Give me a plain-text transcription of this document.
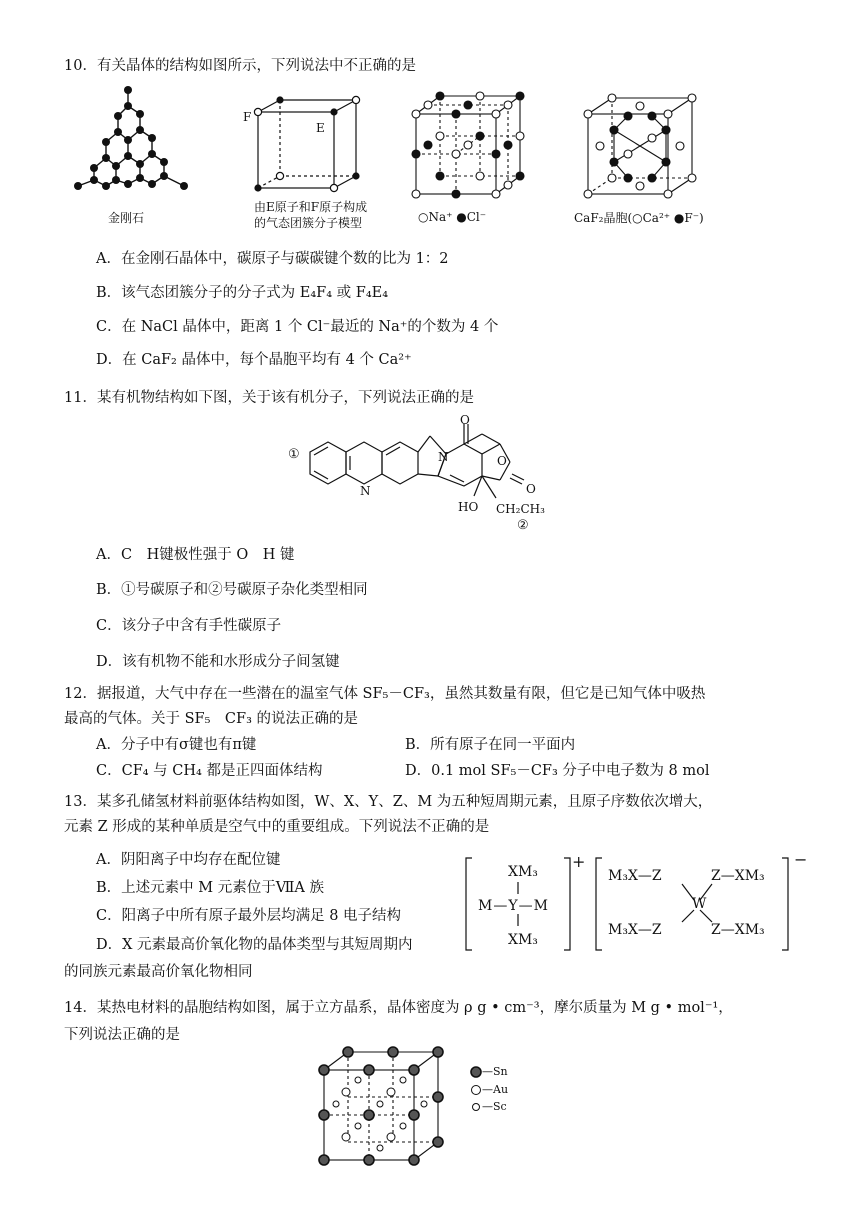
10．有关晶体的结构如图所示，下列说法中不正确的是
金刚石
F
E
由E原子和F原子构成
的气态团簇分子模型	○Na⁺ ●Cl⁻	CaF₂晶胞(○Ca²⁺ ●F⁻)
A．在金刚石晶体中，碳原子与碳碳键个数的比为 1：2
B．该气态团簇分子的分子式为 E₄F₄ 或 F₄E₄
C．在 NaCl 晶体中，距离 1 个 Cl⁻最近的 Na⁺的个数为 4 个
D．在 CaF₂ 晶体中，每个晶胞平均有 4 个 Ca²⁺
11．某有机物结构如下图，关于该有机分子，下列说法正确的是
①
N
N
O
O
O
HO CH₂CH₃
②
A．C　H键极性强于 O　H 键
B．①号碳原子和②号碳原子杂化类型相同
C．该分子中含有手性碳原子
D．该有机物不能和水形成分子间氢键
12．据报道，大气中存在一些潜在的温室气体 SF₅－CF₃，虽然其数量有限，但它是已知气体中吸热
最高的气体。关于 SF₅　CF₃ 的说法正确的是
A．分子中有σ键也有π键	B．所有原子在同一平面内
C．CF₄ 与 CH₄ 都是正四面体结构	D．0.1 mol SF₅－CF₃ 分子中电子数为 8 mol
13．某多孔储氢材料前驱体结构如图，W、X、Y、Z、M 为五种短周期元素，且原子序数依次增大，
元素 Z 形成的某种单质是空气中的重要组成。下列说法不正确的是
A．阴阳离子中均存在配位键
B．上述元素中 M 元素位于ⅦA 族
C．阳离子中所有原子最外层均满足 8 电子结构
D．X 元素最高价氧化物的晶体类型与其短周期内
的同族元素最高价氧化物相同
XM₃
M—Y—M
XM₃
+
M₃X—Z	Z—XM₃
W
M₃X—Z	Z—XM₃
−
14．某热电材料的晶胞结构如图，属于立方晶系，晶体密度为 ρ g • cm⁻³，摩尔质量为 M g • mol⁻¹，
下列说法正确的是
—Sn
—Au
—Sc
